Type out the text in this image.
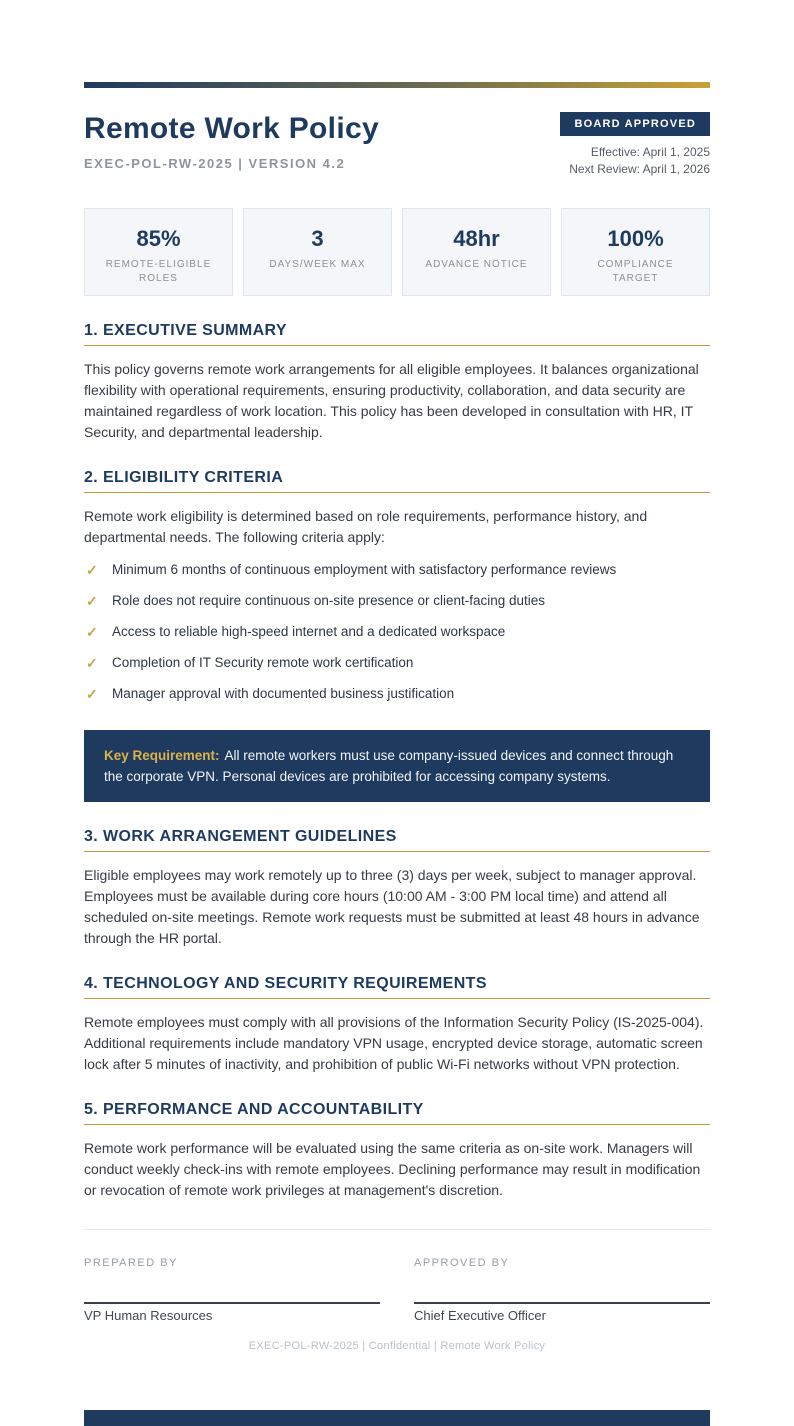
Remote Work Policy
EXEC-POL-RW-2025 | VERSION 4.2
BOARD APPROVED
Effective: April 1, 2025
Next Review: April 1, 2026
85%
REMOTE-ELIGIBLE ROLES
3
DAYS/WEEK MAX
48hr
ADVANCE NOTICE
100%
COMPLIANCE TARGET
1. EXECUTIVE SUMMARY

This policy governs remote work arrangements for all eligible employees. It balances organizational flexibility with operational requirements, ensuring productivity, collaboration, and data security are maintained regardless of work location. This policy has been developed in consultation with HR, IT Security, and departmental leadership.

2. ELIGIBILITY CRITERIA

Remote work eligibility is determined based on role requirements, performance history, and departmental needs. The following criteria apply:

✓	Minimum 6 months of continuous employment with satisfactory performance reviews
✓	Role does not require continuous on-site presence or client-facing duties
✓	Access to reliable high-speed internet and a dedicated workspace
✓	Completion of IT Security remote work certification
✓	Manager approval with documented business justification
Key Requirement: All remote workers must use company-issued devices and connect through the corporate VPN. Personal devices are prohibited for accessing company systems.
3. WORK ARRANGEMENT GUIDELINES

Eligible employees may work remotely up to three (3) days per week, subject to manager approval. Employees must be available during core hours (10:00 AM - 3:00 PM local time) and attend all scheduled on-site meetings. Remote work requests must be submitted at least 48 hours in advance through the HR portal.

4. TECHNOLOGY AND SECURITY REQUIREMENTS

Remote employees must comply with all provisions of the Information Security Policy (IS-2025-004). Additional requirements include mandatory VPN usage, encrypted device storage, automatic screen lock after 5 minutes of inactivity, and prohibition of public Wi-Fi networks without VPN protection.

5. PERFORMANCE AND ACCOUNTABILITY

Remote work performance will be evaluated using the same criteria as on-site work. Managers will conduct weekly check-ins with remote employees. Declining performance may result in modification or revocation of remote work privileges at management's discretion.

PREPARED BY
VP Human Resources
APPROVED BY
Chief Executive Officer
EXEC-POL-RW-2025 | Confidential | Remote Work Policy
